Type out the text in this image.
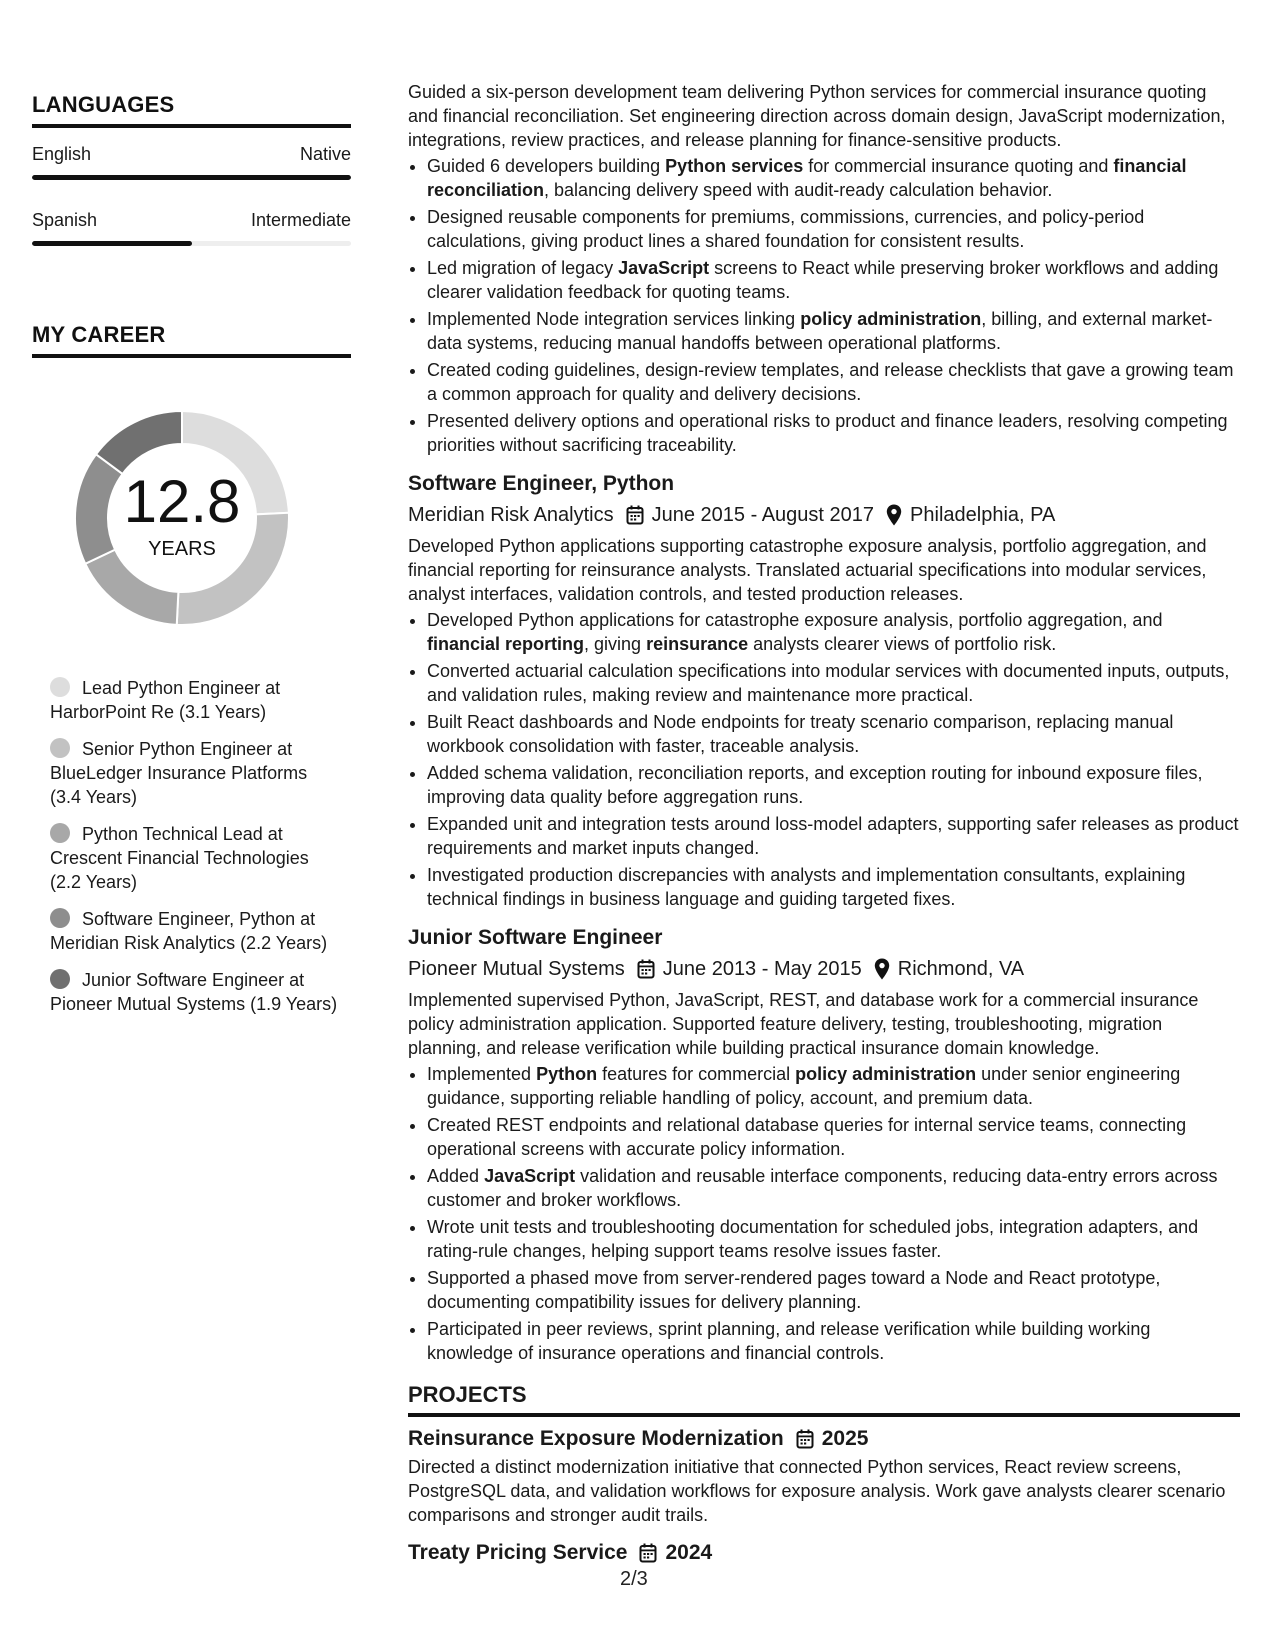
LANGUAGES
English	Native
Spanish	Intermediate
MY CAREER
12.8
YEARS
Lead Python Engineer at HarborPoint Re (3.1 Years)
Senior Python Engineer at BlueLedger Insurance Platforms (3.4 Years)
Python Technical Lead at Crescent Financial Technologies (2.2 Years)
Software Engineer, Python at Meridian Risk Analytics (2.2 Years)
Junior Software Engineer at Pioneer Mutual Systems (1.9 Years)

Guided a six-person development team delivering Python services for commercial insurance quoting and financial reconciliation. Set engineering direction across domain design, JavaScript modernization, integrations, review practices, and release planning for finance-sensitive products.

• Guided 6 developers building Python services for commercial insurance quoting and financial reconciliation, balancing delivery speed with audit-ready calculation behavior.
• Designed reusable components for premiums, commissions, currencies, and policy-period calculations, giving product lines a shared foundation for consistent results.
• Led migration of legacy JavaScript screens to React while preserving broker workflows and adding clearer validation feedback for quoting teams.
• Implemented Node integration services linking policy administration, billing, and external market-data systems, reducing manual handoffs between operational platforms.
• Created coding guidelines, design-review templates, and release checklists that gave a growing team a common approach for quality and delivery decisions.
• Presented delivery options and operational risks to product and finance leaders, resolving competing priorities without sacrificing traceability.
Software Engineer, Python
Meridian Risk Analytics June 2015 - August 2017 Philadelphia, PA

Developed Python applications supporting catastrophe exposure analysis, portfolio aggregation, and financial reporting for reinsurance analysts. Translated actuarial specifications into modular services, analyst interfaces, validation controls, and tested production releases.

• Developed Python applications for catastrophe exposure analysis, portfolio aggregation, and financial reporting, giving reinsurance analysts clearer views of portfolio risk.
• Converted actuarial calculation specifications into modular services with documented inputs, outputs, and validation rules, making review and maintenance more practical.
• Built React dashboards and Node endpoints for treaty scenario comparison, replacing manual workbook consolidation with faster, traceable analysis.
• Added schema validation, reconciliation reports, and exception routing for inbound exposure files, improving data quality before aggregation runs.
• Expanded unit and integration tests around loss-model adapters, supporting safer releases as product requirements and market inputs changed.
• Investigated production discrepancies with analysts and implementation consultants, explaining technical findings in business language and guiding targeted fixes.
Junior Software Engineer
Pioneer Mutual Systems June 2013 - May 2015 Richmond, VA

Implemented supervised Python, JavaScript, REST, and database work for a commercial insurance policy administration application. Supported feature delivery, testing, troubleshooting, migration planning, and release verification while building practical insurance domain knowledge.

• Implemented Python features for commercial policy administration under senior engineering guidance, supporting reliable handling of policy, account, and premium data.
• Created REST endpoints and relational database queries for internal service teams, connecting operational screens with accurate policy information.
• Added JavaScript validation and reusable interface components, reducing data-entry errors across customer and broker workflows.
• Wrote unit tests and troubleshooting documentation for scheduled jobs, integration adapters, and rating-rule changes, helping support teams resolve issues faster.
• Supported a phased move from server-rendered pages toward a Node and React prototype, documenting compatibility issues for delivery planning.
• Participated in peer reviews, sprint planning, and release verification while building working knowledge of insurance operations and financial controls.
PROJECTS
Reinsurance Exposure Modernization 2025

Directed a distinct modernization initiative that connected Python services, React review screens, PostgreSQL data, and validation workflows for exposure analysis. Work gave analysts clearer scenario comparisons and stronger audit trails.

Treaty Pricing Service 2024
2/3
